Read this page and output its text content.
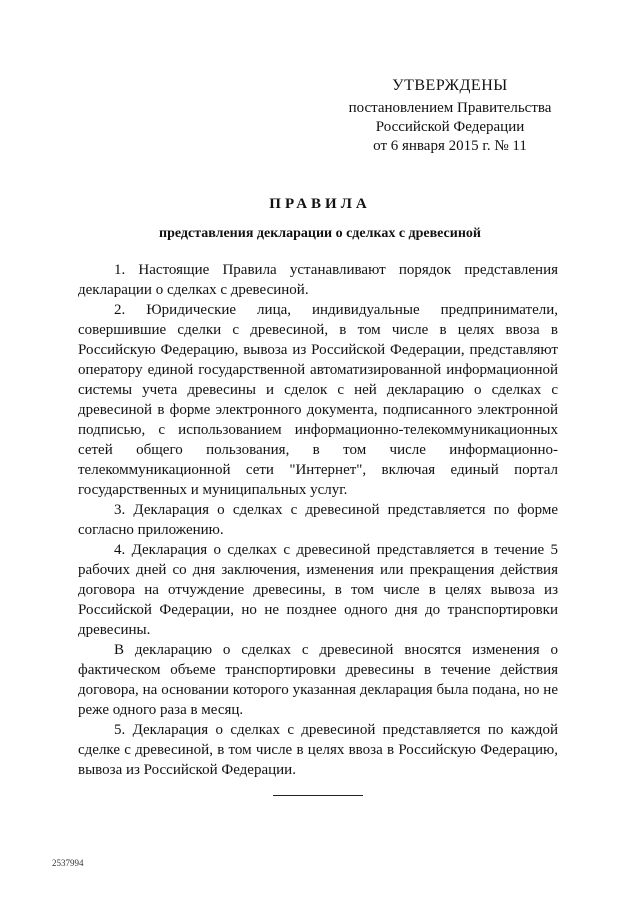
УТВЕРЖДЕНЫ
постановлением Правительства
Российской Федерации
от 6 января 2015 г. № 11
ПРАВИЛА
представления декларации о сделках с древесиной

1. Настоящие Правила устанавливают порядок представления декларации о сделках с древесиной.

2. Юридические лица, индивидуальные предприниматели, совершившие сделки с древесиной, в том числе в целях ввоза в Российскую Федерацию, вывоза из Российской Федерации, представляют оператору единой государственной автоматизированной информационной системы учета древесины и сделок с ней декларацию о сделках с древесиной в форме электронного документа, подписанного электронной подписью, с использованием информационно-телекоммуникационных сетей общего пользования, в том числе информационно-телекоммуникационной сети "Интернет", включая единый портал государственных и муниципальных услуг.

3. Декларация о сделках с древесиной представляется по форме согласно приложению.

4. Декларация о сделках с древесиной представляется в течение 5 рабочих дней со дня заключения, изменения или прекращения действия договора на отчуждение древесины, в том числе в целях вывоза из Российской Федерации, но не позднее одного дня до транспортировки древесины.

В декларацию о сделках с древесиной вносятся изменения о фактическом объеме транспортировки древесины в течение действия договора, на основании которого указанная декларация была подана, но не реже одного раза в месяц.

5. Декларация о сделках с древесиной представляется по каждой сделке с древесиной, в том числе в целях ввоза в Российскую Федерацию, вывоза из Российской Федерации.

2537994
